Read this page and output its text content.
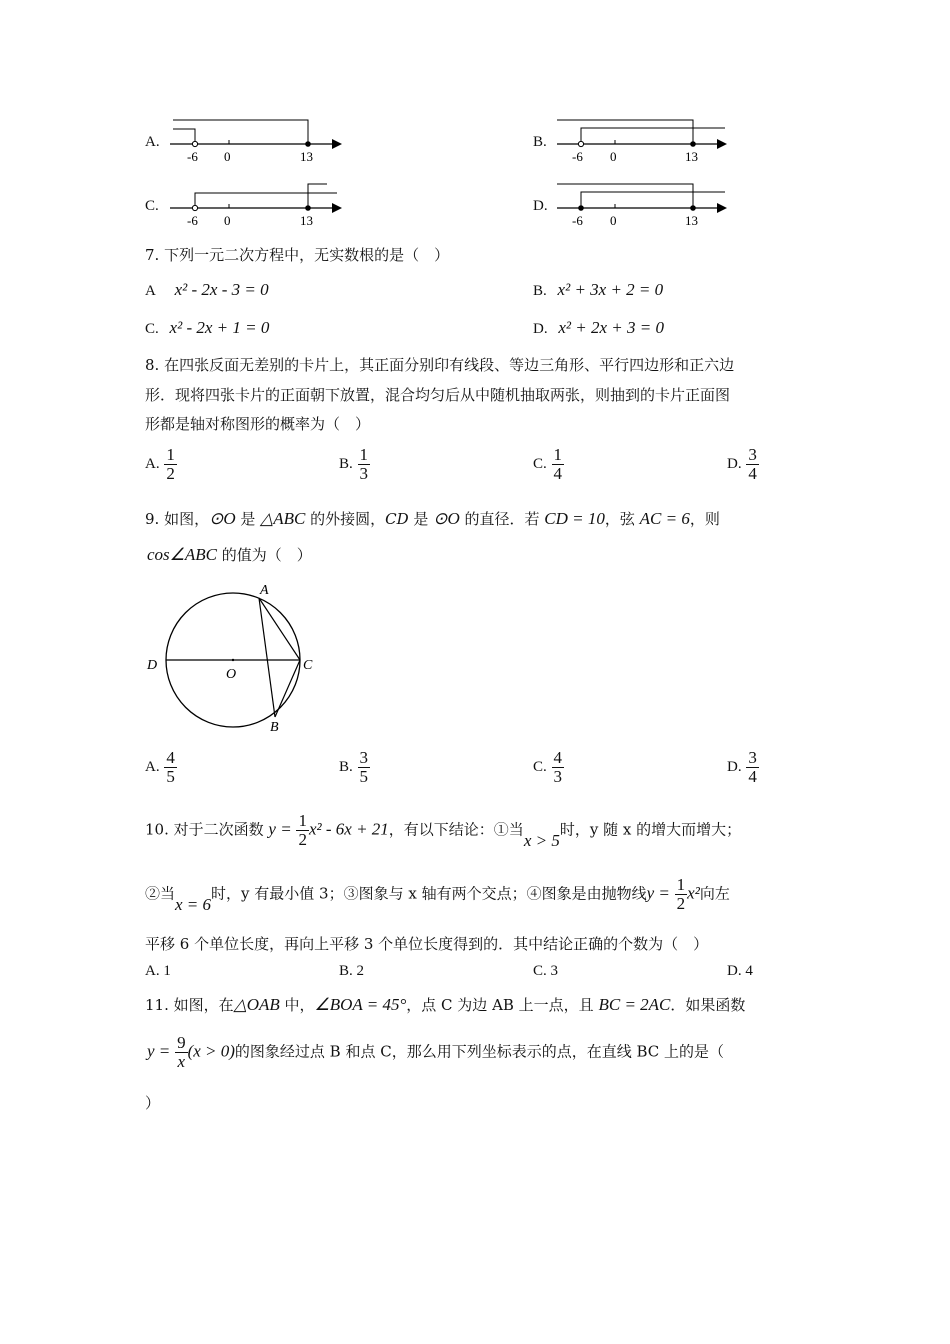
A.
-6 0	13
B.
-6 0	13
C.
-6 0	13
D.
-6 0	13
7. 下列一元二次方程中，无实数根的是（　）
A x² - 2x - 3 = 0	B. x² + 3x + 2 = 0
C. x² - 2x + 1 = 0	D. x² + 2x + 3 = 0
8. 在四张反面无差别的卡片上，其正面分别印有线段、等边三角形、平行四边形和正六边
形．现将四张卡片的正面朝下放置，混合均匀后从中随机抽取两张，则抽到的卡片正面图
形都是轴对称图形的概率为（　）
A. $\frac{1}{2}$	B. $\frac{1}{3}$	C. $\frac{1}{4}$	D. $\frac{3}{4}$
9. 如图，⊙O 是 △ABC 的外接圆，CD 是 ⊙O 的直径．若 CD = 10，弦 AC = 6，则
cos∠ABC 的值为（　）
A
B
C
D
O
A. $\frac{4}{5}$	B. $\frac{3}{5}$	C. $\frac{4}{3}$	D. $\frac{3}{4}$
10. 对于二次函数 $y = \frac{1}{2} x^2 - 6x + 21$，有以下结论：①当x > 5时，y 随 x 的增大而增大；
②当x = 6时，y 有最小值 3；③图象与 x 轴有两个交点；④图象是由抛物线$y = \frac{1}{2} x^2$向左
平移 6 个单位长度，再向上平移 3 个单位长度得到的．其中结论正确的个数为（　）
A. 1	B. 2	C. 3	D. 4
11. 如图，在△OAB 中，∠BOA = 45°，点 C 为边 AB 上一点，且 BC = 2AC．如果函数
$y = \frac{9}{x} (x > 0)$的图象经过点 B 和点 C，那么用下列坐标表示的点，在直线 BC 上的是（
）
